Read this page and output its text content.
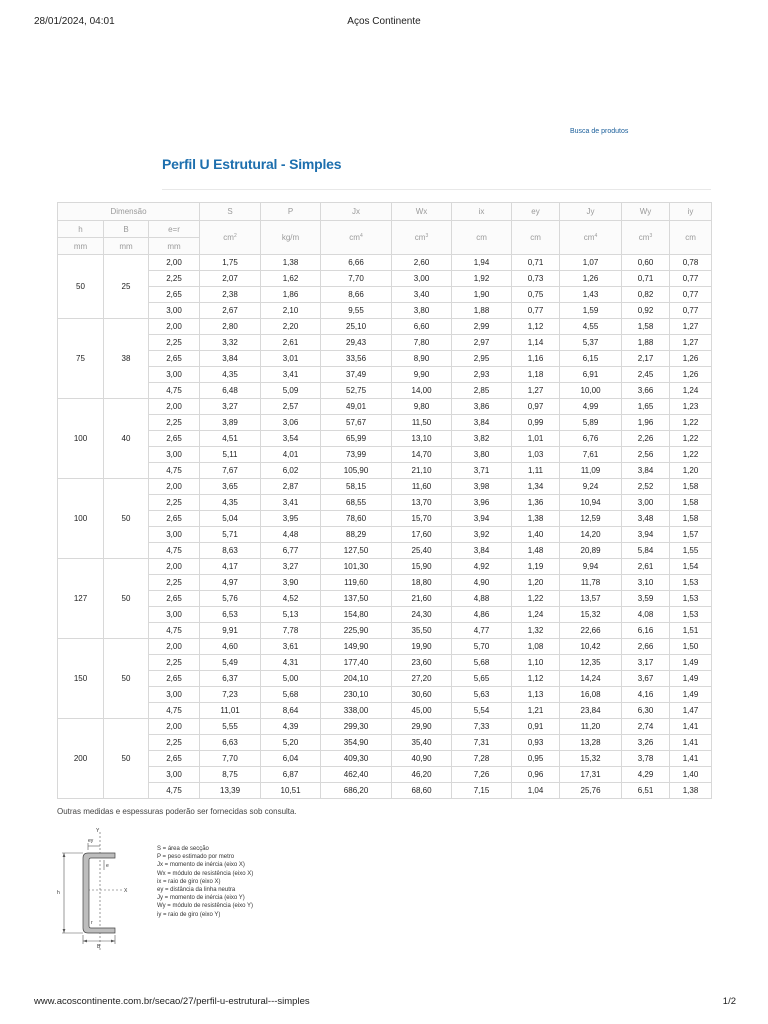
28/01/2024, 04:01	Aços Continente
Busca de produtos
Perfil U Estrutural - Simples
Dimensão			S	P	Jx	Wx	ix	ey	Jy	Wy	iy
h	B	e=r	$cm^2$	kg/m	$cm^4$	$cm^3$	cm	cm	$cm^4$	$cm^3$	cm
mm	mm	mm									
50	25	2,00	1,75	1,38	6,66	2,60	1,94	0,71	1,07	0,60	0,78
		2,25	2,07	1,62	7,70	3,00	1,92	0,73	1,26	0,71	0,77
		2,65	2,38	1,86	8,66	3,40	1,90	0,75	1,43	0,82	0,77
		3,00	2,67	2,10	9,55	3,80	1,88	0,77	1,59	0,92	0,77
75	38	2,00	2,80	2,20	25,10	6,60	2,99	1,12	4,55	1,58	1,27
		2,25	3,32	2,61	29,43	7,80	2,97	1,14	5,37	1,88	1,27
		2,65	3,84	3,01	33,56	8,90	2,95	1,16	6,15	2,17	1,26
		3,00	4,35	3,41	37,49	9,90	2,93	1,18	6,91	2,45	1,26
		4,75	6,48	5,09	52,75	14,00	2,85	1,27	10,00	3,66	1,24
100	40	2,00	3,27	2,57	49,01	9,80	3,86	0,97	4,99	1,65	1,23
		2,25	3,89	3,06	57,67	11,50	3,84	0,99	5,89	1,96	1,22
		2,65	4,51	3,54	65,99	13,10	3,82	1,01	6,76	2,26	1,22
		3,00	5,11	4,01	73,99	14,70	3,80	1,03	7,61	2,56	1,22
		4,75	7,67	6,02	105,90	21,10	3,71	1,11	11,09	3,84	1,20
100	50	2,00	3,65	2,87	58,15	11,60	3,98	1,34	9,24	2,52	1,58
		2,25	4,35	3,41	68,55	13,70	3,96	1,36	10,94	3,00	1,58
		2,65	5,04	3,95	78,60	15,70	3,94	1,38	12,59	3,48	1,58
		3,00	5,71	4,48	88,29	17,60	3,92	1,40	14,20	3,94	1,57
		4,75	8,63	6,77	127,50	25,40	3,84	1,48	20,89	5,84	1,55
127	50	2,00	4,17	3,27	101,30	15,90	4,92	1,19	9,94	2,61	1,54
		2,25	4,97	3,90	119,60	18,80	4,90	1,20	11,78	3,10	1,53
		2,65	5,76	4,52	137,50	21,60	4,88	1,22	13,57	3,59	1,53
		3,00	6,53	5,13	154,80	24,30	4,86	1,24	15,32	4,08	1,53
		4,75	9,91	7,78	225,90	35,50	4,77	1,32	22,66	6,16	1,51
150	50	2,00	4,60	3,61	149,90	19,90	5,70	1,08	10,42	2,66	1,50
		2,25	5,49	4,31	177,40	23,60	5,68	1,10	12,35	3,17	1,49
		2,65	6,37	5,00	204,10	27,20	5,65	1,12	14,24	3,67	1,49
		3,00	7,23	5,68	230,10	30,60	5,63	1,13	16,08	4,16	1,49
		4,75	11,01	8,64	338,00	45,00	5,54	1,21	23,84	6,30	1,47
200	50	2,00	5,55	4,39	299,30	29,90	7,33	0,91	11,20	2,74	1,41
		2,25	6,63	5,20	354,90	35,40	7,31	0,93	13,28	3,26	1,41
		2,65	7,70	6,04	409,30	40,90	7,28	0,95	15,32	3,78	1,41
		3,00	8,75	6,87	462,40	46,20	7,26	0,96	17,31	4,29	1,40
		4,75	13,39	10,51	686,20	68,60	7,15	1,04	25,76	6,51	1,38
Outras medidas e espessuras poderão ser fornecidas sob consulta.
Y
X
ey
e
h
B
r
S = área de secção
P = peso estimado por metro
Jx = momento de inércia (eixo X)
Wx = módulo de resistência (eixo X)
ix = raio de giro (eixo X)
ey = distância da linha neutra
Jy = momento de inércia (eixo Y)
Wy = módulo de resistência (eixo Y)
iy = raio de giro (eixo Y)
www.acoscontinente.com.br/secao/27/perfil-u-estrutural---simples	1/2
